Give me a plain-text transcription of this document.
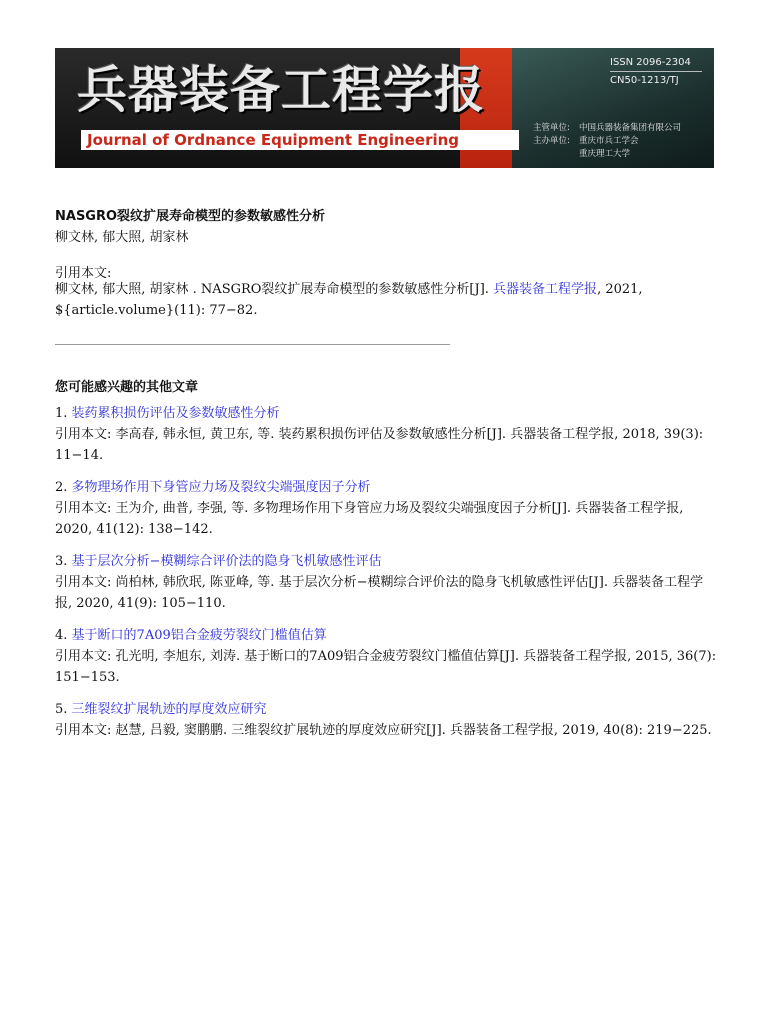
兵器装备工程学报
Journal of Ordnance Equipment Engineering
ISSN 2096-2304
CN50-1213/TJ
主管单位: 中国兵器装备集团有限公司
主办单位: 重庆市兵工学会
重庆理工大学
NASGRO裂纹扩展寿命模型的参数敏感性分析
柳文林, 郁大照, 胡家林
引用本文:
柳文林, 郁大照, 胡家林 . NASGRO裂纹扩展寿命模型的参数敏感性分析[J]. 兵器装备工程学报, 2021, ${article.volume}(11): 77−82.
您可能感兴趣的其他文章
1. 装药累积损伤评估及参数敏感性分析
引用本文: 李高春, 韩永恒, 黄卫东, 等. 装药累积损伤评估及参数敏感性分析[J]. 兵器装备工程学报, 2018, 39(3): 11−14.
2. 多物理场作用下身管应力场及裂纹尖端强度因子分析
引用本文: 王为介, 曲普, 李强, 等. 多物理场作用下身管应力场及裂纹尖端强度因子分析[J]. 兵器装备工程学报, 2020, 41(12): 138−142.
3. 基于层次分析−模糊综合评价法的隐身飞机敏感性评估
引用本文: 尚柏林, 韩欣珉, 陈亚峰, 等. 基于层次分析−模糊综合评价法的隐身飞机敏感性评估[J]. 兵器装备工程学报, 2020, 41(9): 105−110.
4. 基于断口的7A09铝合金疲劳裂纹门槛值估算
引用本文: 孔光明, 李旭东, 刘涛. 基于断口的7A09铝合金疲劳裂纹门槛值估算[J]. 兵器装备工程学报, 2015, 36(7): 151−153.
5. 三维裂纹扩展轨迹的厚度效应研究
引用本文: 赵慧, 吕毅, 窦鹏鹏. 三维裂纹扩展轨迹的厚度效应研究[J]. 兵器装备工程学报, 2019, 40(8): 219−225.
